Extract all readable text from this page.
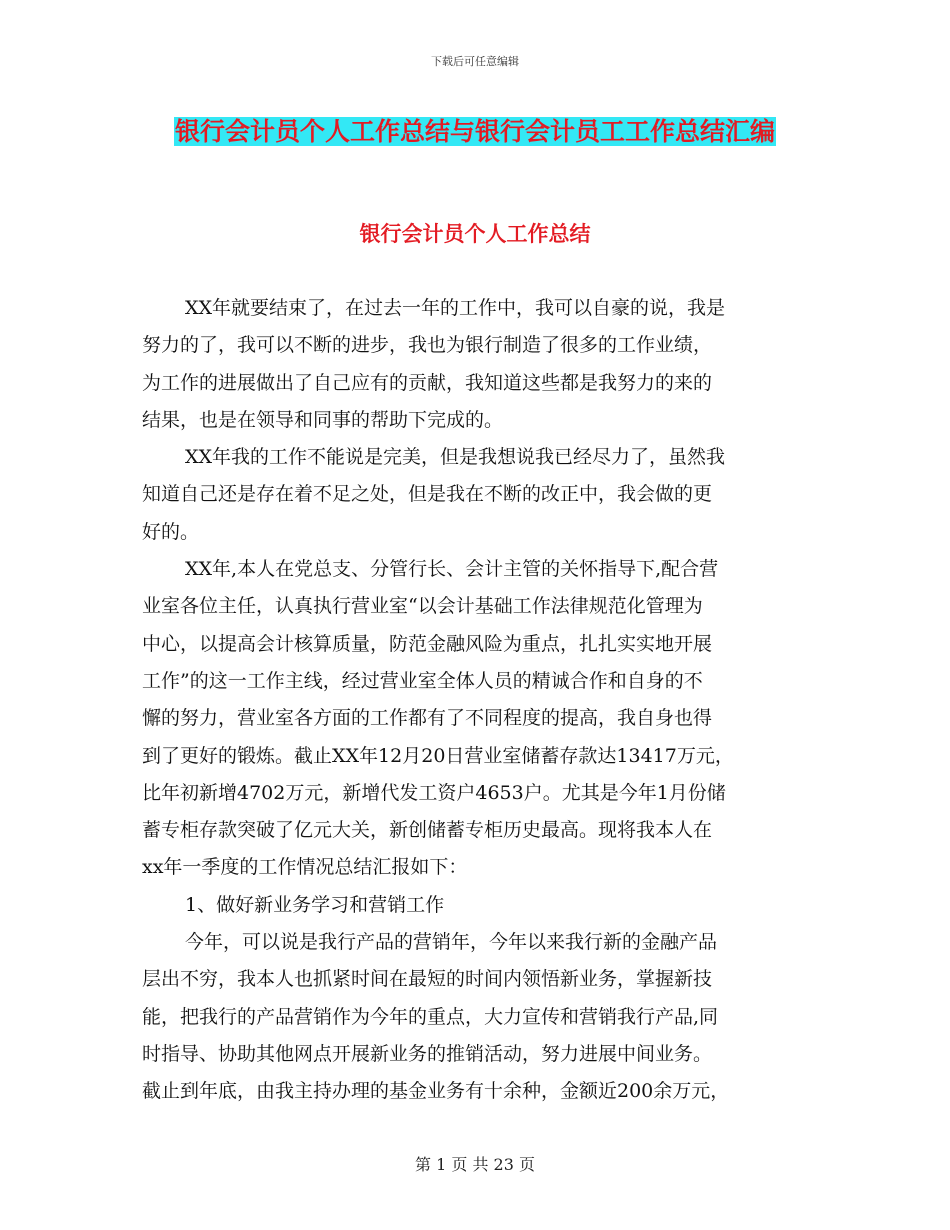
下载后可任意编辑
银行会计员个人工作总结与银行会计员工工作总结汇编
银行会计员个人工作总结
XX年就要结束了，在过去一年的工作中，我可以自豪的说，我是
努力的了，我可以不断的进步，我也为银行制造了很多的工作业绩，
为工作的进展做出了自己应有的贡献，我知道这些都是我努力的来的
结果，也是在领导和同事的帮助下完成的。
XX年我的工作不能说是完美，但是我想说我已经尽力了，虽然我
知道自己还是存在着不足之处，但是我在不断的改正中，我会做的更
好的。
XX年,本人在党总支、分管行长、会计主管的关怀指导下,配合营
业室各位主任，认真执行营业室“以会计基础工作法律规范化管理为
中心，以提高会计核算质量，防范金融风险为重点，扎扎实实地开展
工作”的这一工作主线，经过营业室全体人员的精诚合作和自身的不
懈的努力，营业室各方面的工作都有了不同程度的提高，我自身也得
到了更好的锻炼。截止XX年12月20日营业室储蓄存款达13417万元，
比年初新增4702万元，新增代发工资户4653户。尤其是今年1月份储
蓄专柜存款突破了亿元大关，新创储蓄专柜历史最高。现将我本人在
xx年一季度的工作情况总结汇报如下：
1、做好新业务学习和营销工作
今年，可以说是我行产品的营销年，今年以来我行新的金融产品
层出不穷，我本人也抓紧时间在最短的时间内领悟新业务，掌握新技
能，把我行的产品营销作为今年的重点，大力宣传和营销我行产品,同
时指导、协助其他网点开展新业务的推销活动，努力进展中间业务。
截止到年底，由我主持办理的基金业务有十余种，金额近200余万元，
第 1 页 共 23 页
